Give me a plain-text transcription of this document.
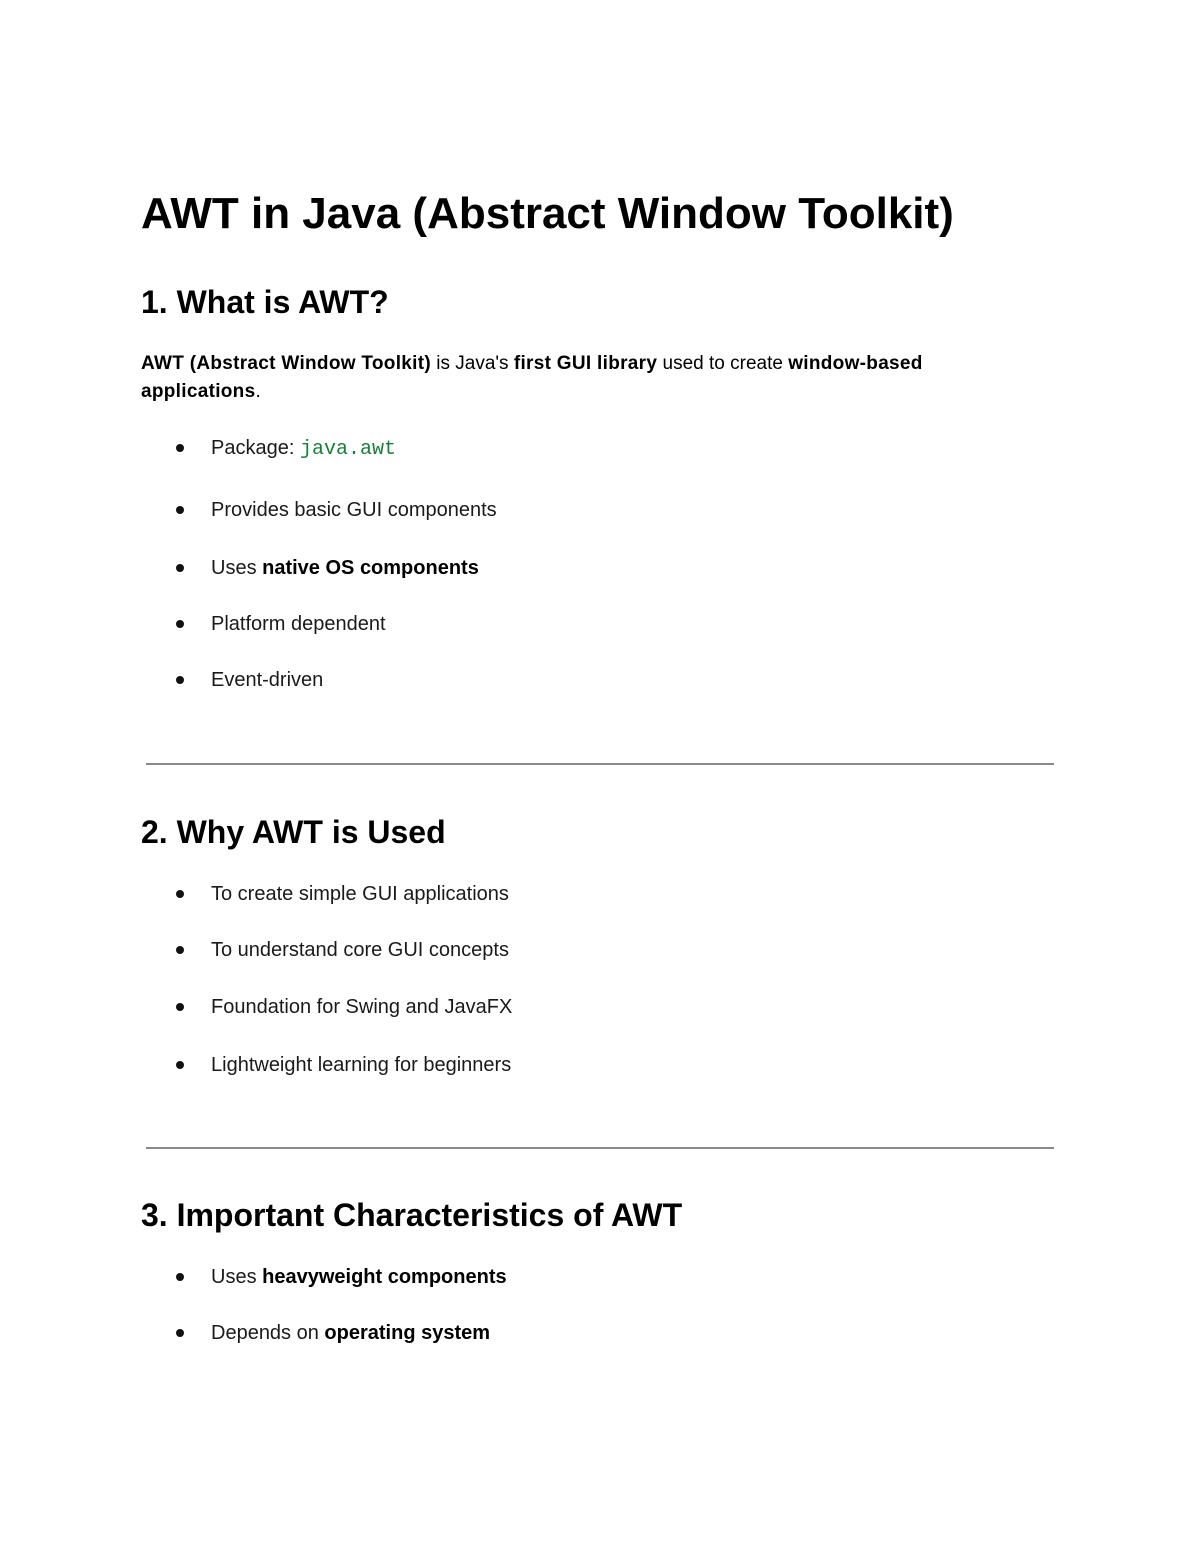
AWT in Java (Abstract Window Toolkit)
1. What is AWT?

AWT (Abstract Window Toolkit) is Java's first GUI library used to create window-based applications.

Package: java.awt
Provides basic GUI components
Uses native OS components
Platform dependent
Event-driven
2. Why AWT is Used
To create simple GUI applications
To understand core GUI concepts
Foundation for Swing and JavaFX
Lightweight learning for beginners
3. Important Characteristics of AWT
Uses heavyweight components
Depends on operating system
